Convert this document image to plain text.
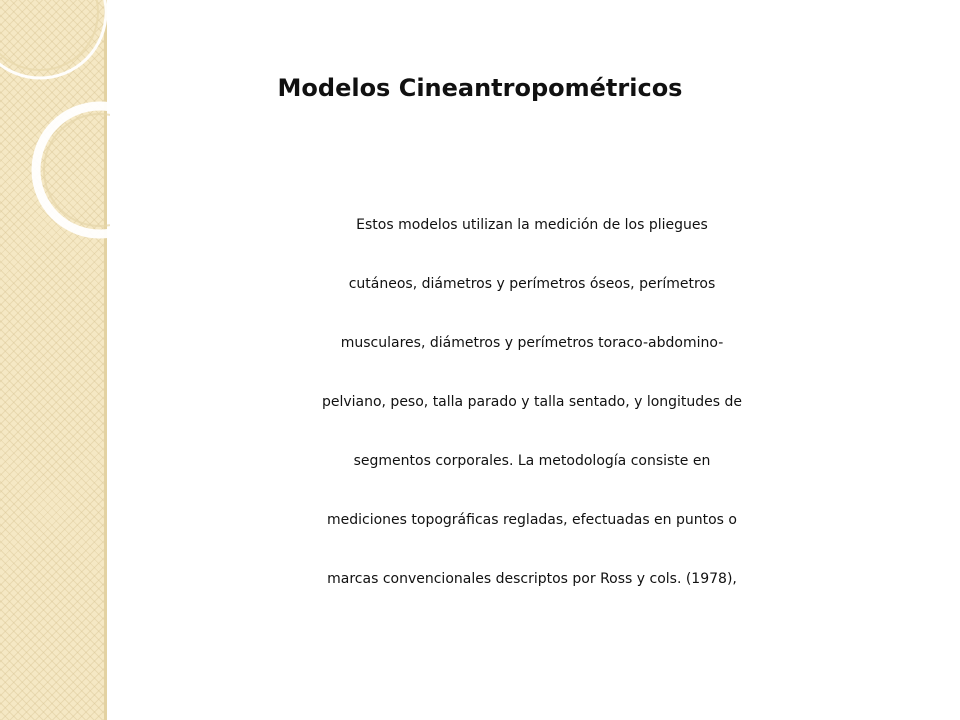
Modelos Cineantropométricos
Estos modelos utilizan la medición de los pliegues
cutáneos, diámetros y perímetros óseos, perímetros
musculares, diámetros y perímetros toraco-abdomino-
pelviano, peso, talla parado y talla sentado, y longitudes de
segmentos corporales. La metodología consiste en
mediciones topográficas regladas, efectuadas en puntos o
marcas convencionales descriptos por Ross y cols. (1978),
